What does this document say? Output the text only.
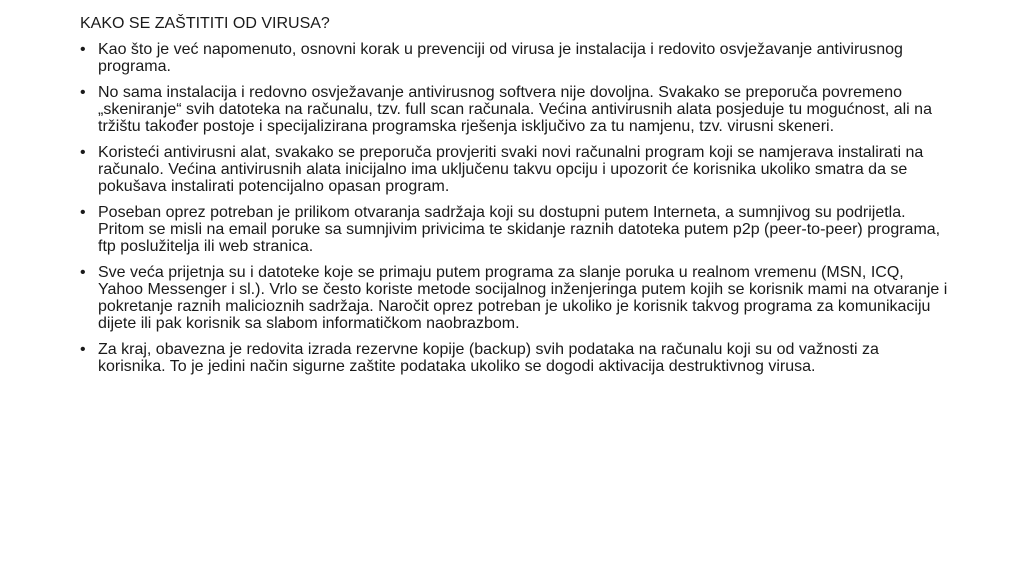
KAKO SE ZAŠTITITI OD VIRUSA?
• Kao što je već napomenuto, osnovni korak u prevenciji od virusa je instalacija i redovito osvježavanje antivirusnog programa.
• No sama instalacija i redovno osvježavanje antivirusnog softvera nije dovoljna. Svakako se preporuča povremeno „skeniranje“ svih datoteka na računalu, tzv. full scan računala. Većina antivirusnih alata posjeduje tu mogućnost, ali na tržištu također postoje i specijalizirana programska rješenja isključivo za tu namjenu, tzv. virusni skeneri.
• Koristeći antivirusni alat, svakako se preporuča provjeriti svaki novi računalni program koji se namjerava instalirati na računalo. Većina antivirusnih alata inicijalno ima uključenu takvu opciju i upozorit će korisnika ukoliko smatra da se pokušava instalirati potencijalno opasan program.
• Poseban oprez potreban je prilikom otvaranja sadržaja koji su dostupni putem Interneta, a sumnjivog su podrijetla. Pritom se misli na email poruke sa sumnjivim privicima te skidanje raznih datoteka putem p2p (peer-to-peer) programa, ftp poslužitelja ili web stranica.
• Sve veća prijetnja su i datoteke koje se primaju putem programa za slanje poruka u realnom vremenu (MSN, ICQ, Yahoo Messenger i sl.). Vrlo se često koriste metode socijalnog inženjeringa putem kojih se korisnik mami na otvaranje i pokretanje raznih malicioznih sadržaja. Naročit oprez potreban je ukoliko je korisnik takvog programa za komunikaciju dijete ili pak korisnik sa slabom informatičkom naobrazbom.
• Za kraj, obavezna je redovita izrada rezervne kopije (backup) svih podataka na računalu koji su od važnosti za korisnika. To je jedini način sigurne zaštite podataka ukoliko se dogodi aktivacija destruktivnog virusa.
